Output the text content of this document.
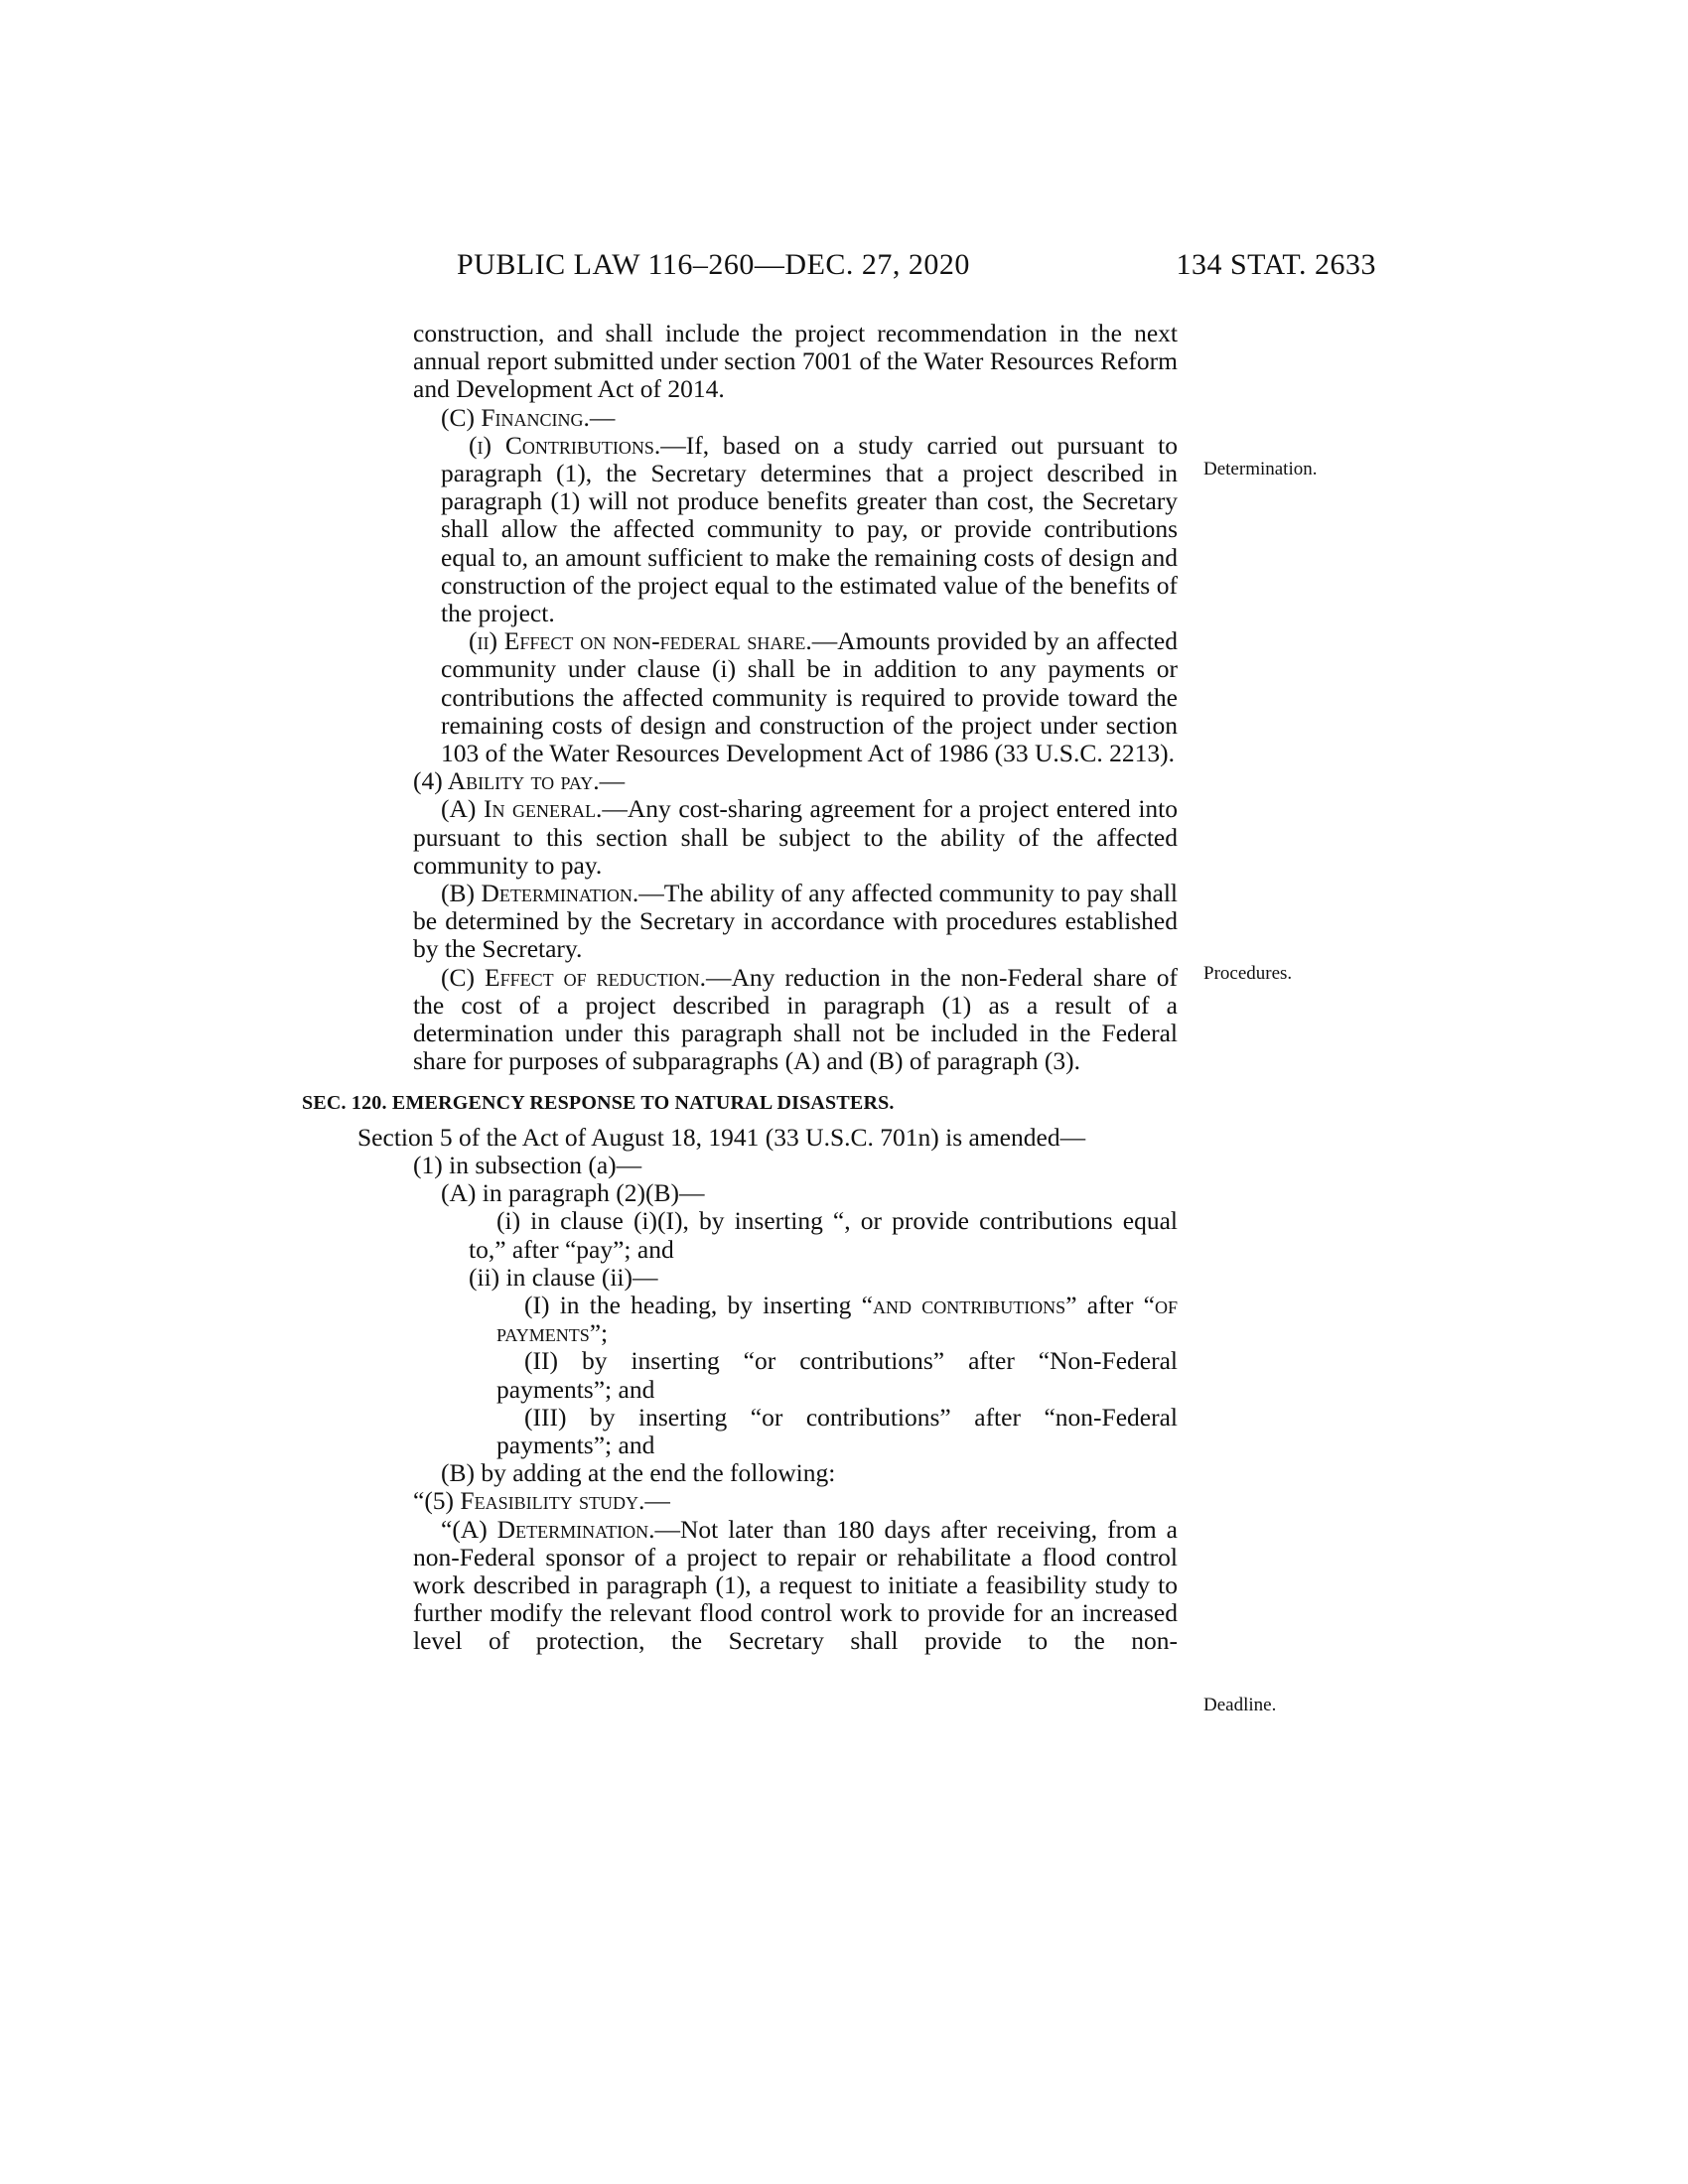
PUBLIC LAW 116–260—DEC. 27, 2020	134 STAT. 2633
Determination.
Procedures.
Deadline.
construction, and shall include the project recommendation in the next annual report submitted under section 7001 of the Water Resources Reform and Development Act of 2014.
(C) Financing.—
(i) Contributions.—If, based on a study carried out pursuant to paragraph (1), the Secretary determines that a project described in paragraph (1) will not produce benefits greater than cost, the Secretary shall allow the affected community to pay, or provide contributions equal to, an amount sufficient to make the remaining costs of design and construction of the project equal to the estimated value of the benefits of the project.
(ii) Effect on non-federal share.—Amounts provided by an affected community under clause (i) shall be in addition to any payments or contributions the affected community is required to provide toward the remaining costs of design and construction of the project under section 103 of the Water Resources Development Act of 1986 (33 U.S.C. 2213).
(4) Ability to pay.—
(A) In general.—Any cost-sharing agreement for a project entered into pursuant to this section shall be subject to the ability of the affected community to pay.
(B) Determination.—The ability of any affected community to pay shall be determined by the Secretary in accordance with procedures established by the Secretary.
(C) Effect of reduction.—Any reduction in the non-Federal share of the cost of a project described in paragraph (1) as a result of a determination under this paragraph shall not be included in the Federal share for purposes of subparagraphs (A) and (B) of paragraph (3).
SEC. 120. EMERGENCY RESPONSE TO NATURAL DISASTERS.
Section 5 of the Act of August 18, 1941 (33 U.S.C. 701n) is amended—
(1) in subsection (a)—
(A) in paragraph (2)(B)—
(i) in clause (i)(I), by inserting “, or provide contributions equal to,” after “pay”; and
(ii) in clause (ii)—
(I) in the heading, by inserting “and contributions” after “of payments”;
(II) by inserting “or contributions” after “Non-Federal payments”; and
(III) by inserting “or contributions” after “non-Federal payments”; and
(B) by adding at the end the following:
“(5) Feasibility study.—
“(A) Determination.—Not later than 180 days after receiving, from a non-Federal sponsor of a project to repair or rehabilitate a flood control work described in paragraph (1), a request to initiate a feasibility study to further modify the relevant flood control work to provide for an increased level of protection, the Secretary shall provide to the non-
